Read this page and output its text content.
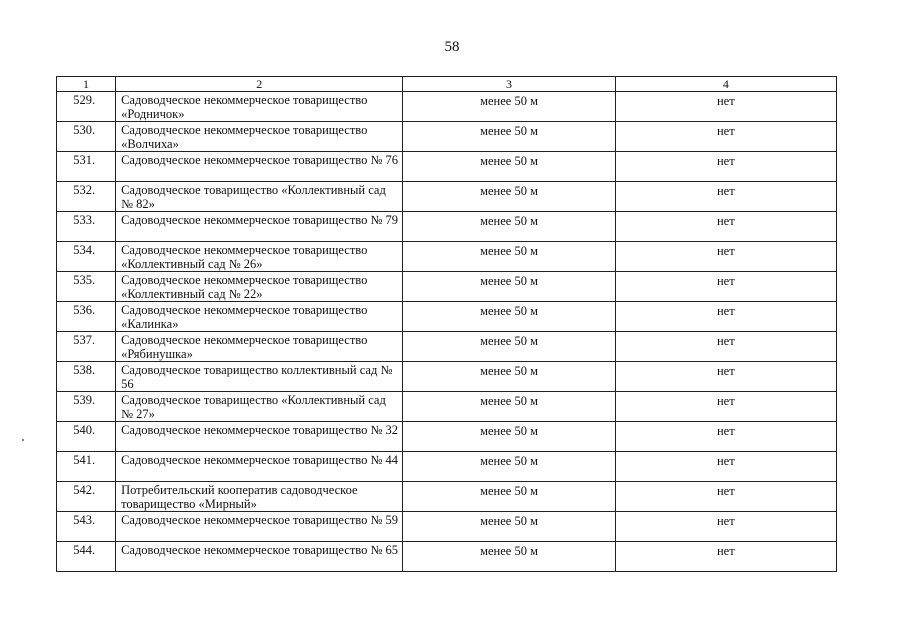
58
1	2	3	4
529.	Садоводческое некоммерческое товарищество «Родничок»	менее 50 м	нет
530.	Садоводческое некоммерческое товарищество «Волчиха»	менее 50 м	нет
531.	Садоводческое некоммерческое товарищество № 76	менее 50 м	нет
532.	Садоводческое товарищество «Коллективный сад № 82»	менее 50 м	нет
533.	Садоводческое некоммерческое товарищество № 79	менее 50 м	нет
534.	Садоводческое некоммерческое товарищество «Коллективный сад № 26»	менее 50 м	нет
535.	Садоводческое некоммерческое товарищество «Коллективный сад № 22»	менее 50 м	нет
536.	Садоводческое некоммерческое товарищество «Калинка»	менее 50 м	нет
537.	Садоводческое некоммерческое товарищество «Рябинушка»	менее 50 м	нет
538.	Садоводческое товарищество коллективный сад № 56	менее 50 м	нет
539.	Садоводческое товарищество «Коллективный сад № 27»	менее 50 м	нет
540.	Садоводческое некоммерческое товарищество № 32	менее 50 м	нет
541.	Садоводческое некоммерческое товарищество № 44	менее 50 м	нет
542.	Потребительский кооператив садоводческое товарищество «Мирный»	менее 50 м	нет
543.	Садоводческое некоммерческое товарищество № 59	менее 50 м	нет
544.	Садоводческое некоммерческое товарищество № 65	менее 50 м	нет
